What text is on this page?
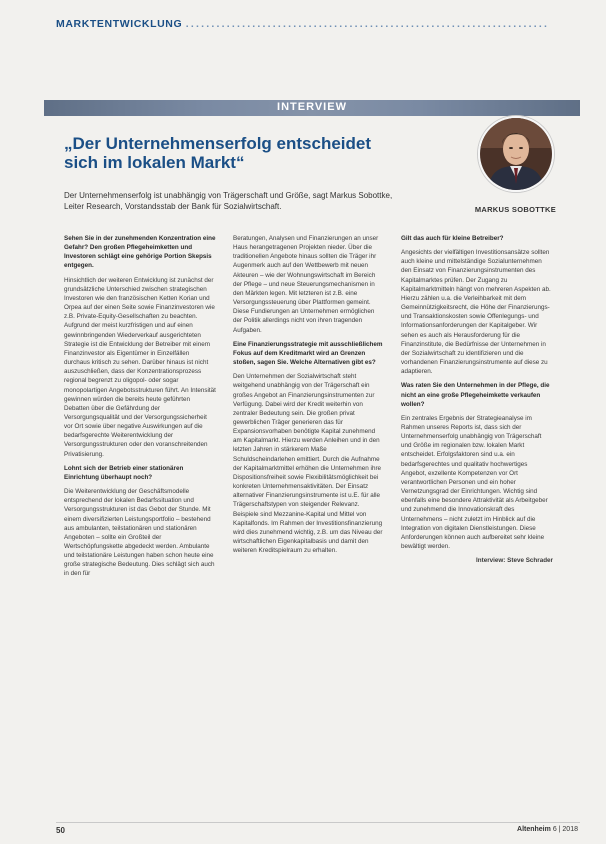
MARKTENTWICKLUNG .......................................................................
INTERVIEW
„Der Unternehmenserfolg entscheidet sich im lokalen Markt“
MARKUS SOBOTTKE
Der Unternehmenserfolg ist unabhängig von Trägerschaft und Größe, sagt Markus Sobottke, Leiter Research, Vorstandsstab der Bank für Sozialwirtschaft.

Sehen Sie in der zunehmenden Konzentration eine Gefahr? Den großen Pflegeheimketten und Investoren schlägt eine gehörige Portion Skepsis entgegen.

Hinsichtlich der weiteren Entwicklung ist zunächst der grundsätzliche Unterschied zwischen strategischen Investoren wie den französischen Ketten Korian und Orpea auf der einen Seite sowie Finanzinvestoren wie z.B. Private-Equity-Gesellschaften zu beachten. Aufgrund der meist kurzfristigen und auf einen gewinnbringenden Wiederverkauf ausgerichteten Strategie ist die Entwicklung der Betreiber mit einem Finanzinvestor als Eigentümer in Einzelfällen durchaus kritisch zu sehen. Darüber hinaus ist nicht auszuschließen, dass der Konzentrationsprozess regional begrenzt zu oligopol- oder sogar monopolartigen Angebotsstrukturen führt. An Intensität gewinnen würden die bereits heute geführten Debatten über die Gefährdung der Versorgungsqualität und der Versorgungssicherheit vor Ort sowie über negative Auswirkungen auf die bedarfsgerechte Weiterentwicklung der Versorgungsstrukturen oder den voranschreitenden Privatisierung.

Lohnt sich der Betrieb einer stationären Einrichtung überhaupt noch?

Die Weiterentwicklung der Geschäftsmodelle entsprechend der lokalen Bedarfssituation und Versorgungsstrukturen ist das Gebot der Stunde. Mit einem diversifizierten Leistungsportfolio – bestehend aus ambulanten, teilstationären und stationären Angeboten – sollte ein Großteil der Wertschöpfungskette abgedeckt werden. Ambulante und teilstationäre Leistungen haben schon heute eine große strategische Bedeutung. Dies schlägt sich auch in den für

Beratungen, Analysen und Finanzierungen an unser Haus herangetragenen Projekten nieder. Über die traditionellen Angebote hinaus sollten die Träger ihr Augenmerk auch auf den Wettbewerb mit neuen Akteuren – wie der Wohnungswirtschaft im Bereich der Pflege – und neue Steuerungsmechanismen in den Märkten legen. Mit letzteren ist z.B. eine Versorgungssteuerung über Plattformen gemeint. Diese Fundierungen an Unternehmen ermöglichen der Politik allerdings nicht von ihren tragenden Aufgaben.

Eine Finanzierungsstrategie mit ausschließlichem Fokus auf dem Kreditmarkt wird an Grenzen stoßen, sagen Sie. Welche Alternativen gibt es?

Den Unternehmen der Sozialwirtschaft steht weitgehend unabhängig von der Trägerschaft ein großes Angebot an Finanzierungsinstrumenten zur Verfügung. Dabei wird der Kredit weiterhin von zentraler Bedeutung sein. Die großen privat gewerblichen Träger generieren das für Expansionsvorhaben benötigte Kapital zunehmend am Kapitalmarkt. Hierzu werden Anleihen und in den letzten Jahren in stärkerem Maße Schuldscheindarlehen emittiert. Durch die Aufnahme der Kapitalmarktmittel erhöhen die Unternehmen ihre Dispositionsfreiheit sowie Flexibilitätsmöglichkeit bei konkreten Unternehmensaktivitäten. Der Einsatz alternativer Finanzierungsinstrumente ist u.E. für alle Trägerschaftstypen von steigender Relevanz. Beispiele sind Mezzanine-Kapital und Mittel von Kapitalfonds. Im Rahmen der Investitionsfinanzierung wird dies zunehmend wichtig, z.B. um das Niveau der wirtschaftlichen Eigenkapitalbasis und damit den weiteren Kreditspielraum zu erhalten.

Gilt das auch für kleine Betreiber?

Angesichts der vielfältigen Investitionsansätze sollten auch kleine und mittelständige Sozialunternehmen den Einsatz von Finanzierungsinstrumenten des Kapitalmarktes prüfen. Der Zugang zu Kapitalmarktmitteln hängt von mehreren Aspekten ab. Hierzu zählen u.a. die Verleihbarkeit mit dem Gemeinnützigkeitsrecht, die Höhe der Finanzierungs- und Transaktionskosten sowie Offenlegungs- und Informationsanforderungen der Kapitalgeber. Wir sehen es auch als Herausforderung für die Finanzinstitute, die Bedürfnisse der Unternehmen in der Sozialwirtschaft zu identifizieren und die vorhandenen Finanzierungsinstrumente auf diese zu adaptieren.

Was raten Sie den Unternehmen in der Pflege, die nicht an eine große Pflegeheimkette verkaufen wollen?

Ein zentrales Ergebnis der Strategieanalyse im Rahmen unseres Reports ist, dass sich der Unternehmenserfolg unabhängig von Trägerschaft und Größe im regionalen bzw. lokalen Markt entscheidet. Erfolgsfaktoren sind u.a. ein bedarfsgerechtes und qualitativ hochwertiges Angebot, exzellente Kompetenzen vor Ort verantwortlichen Personen und ein hoher Vernetzungsgrad der Einrichtungen. Wichtig sind ebenfalls eine besondere Attraktivität als Arbeitgeber und zunehmend die Innovationskraft des Unternehmens – nicht zuletzt im Hinblick auf die Integration von digitalen Dienstleistungen. Diese Anforderungen können auch aufbereitet sehr kleine bewältigt werden.

Interview: Steve Schrader

50	Altenheim 6 | 2018
